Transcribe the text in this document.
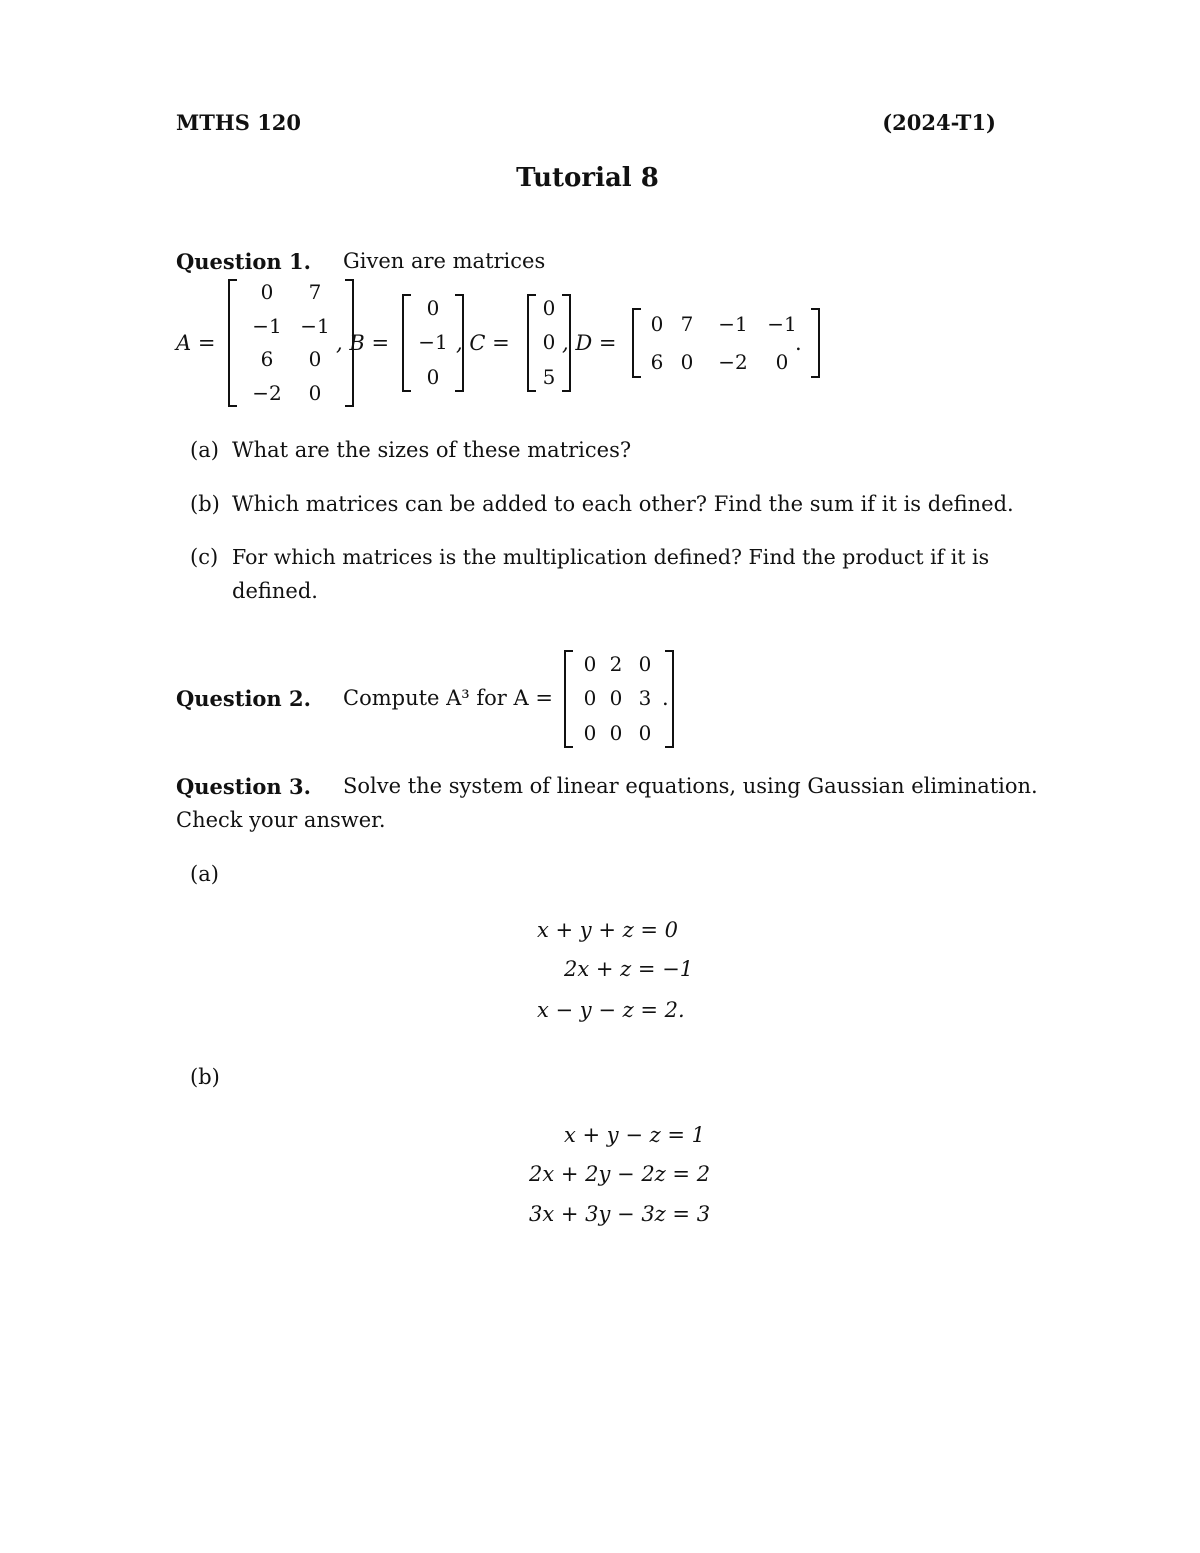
MTHS 120	(2024-T1)
Tutorial 8
Question 1. Given are matrices
A =
0 7
−1 −1
6 0
−2 0
, B =
0
−1
0
, C =
0
0
5
, D =
0 7 −1 −1
6 0 −2 0
.
(a) What are the sizes of these matrices?
(b) Which matrices can be added to each other? Find the sum if it is defined.
(c) For which matrices is the multiplication defined? Find the product if it is
defined.
Question 2. Compute A³ for A =
0 2 0
0 0 3
0 0 0
.
Question 3. Solve the system of linear equations, using Gaussian elimination.
Check your answer.
(a)
x + y + z = 0
2x + z = −1
x − y − z = 2.
(b)
x + y − z = 1
2x + 2y − 2z = 2
3x + 3y − 3z = 3
